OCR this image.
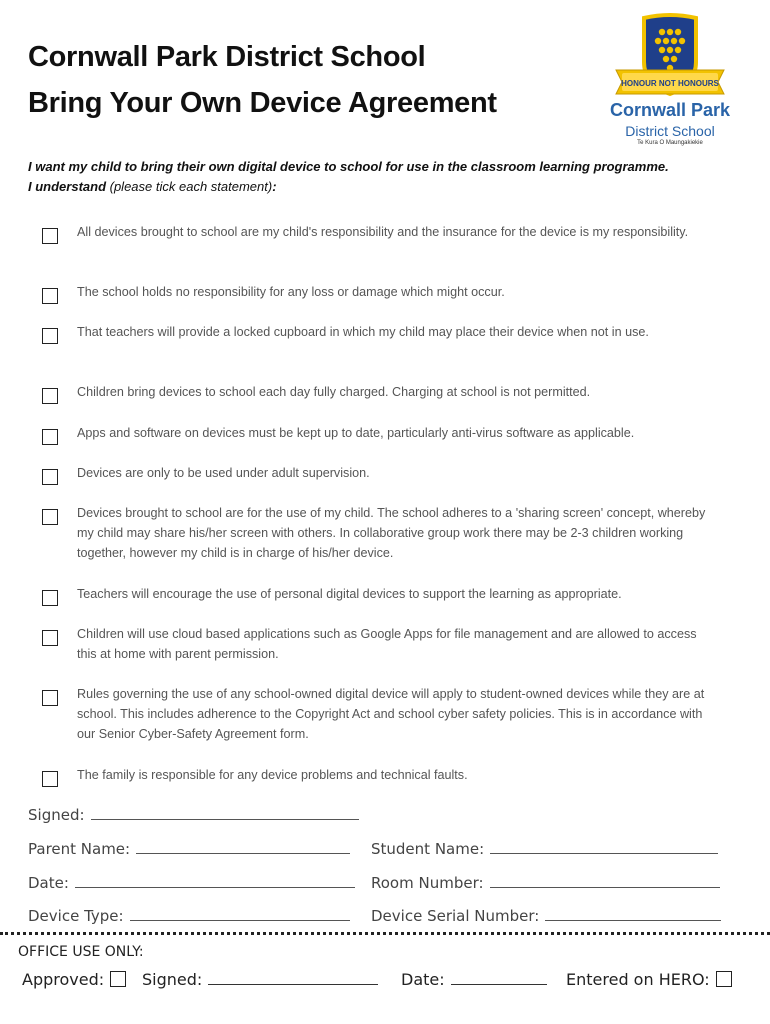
Cornwall Park District School
Bring Your Own Device Agreement
HONOUR NOT HONOURS
Cornwall Park
District School
Te Kura O Maungakiekie
I want my child to bring their own digital device to school for use in the classroom learning programme.
I understand (please tick each statement):
All devices brought to school are my child's responsibility and the insurance for the device is my responsibility.
The school holds no responsibility for any loss or damage which might occur.
That teachers will provide a locked cupboard in which my child may place their device when not in use.
Children bring devices to school each day fully charged. Charging at school is not permitted.
Apps and software on devices must be kept up to date, particularly anti-virus software as applicable.
Devices are only to be used under adult supervision.
Devices brought to school are for the use of my child. The school adheres to a 'sharing screen' concept, whereby my child may share his/her screen with others. In collaborative group work there may be 2-3 children working together, however my child is in charge of his/her device.
Teachers will encourage the use of personal digital devices to support the learning as appropriate.
Children will use cloud based applications such as Google Apps for file management and are allowed to access this at home with parent permission.
Rules governing the use of any school-owned digital device will apply to student-owned devices while they are at school. This includes adherence to the Copyright Act and school cyber safety policies. This is in accordance with our Senior Cyber-Safety Agreement form.
The family is responsible for any device problems and technical faults.
Signed:
Parent Name:	Student Name:
Date:	Room Number:
Device Type:	Device Serial Number:
OFFICE USE ONLY:
Approved:	Signed:	Date:	Entered on HERO:
